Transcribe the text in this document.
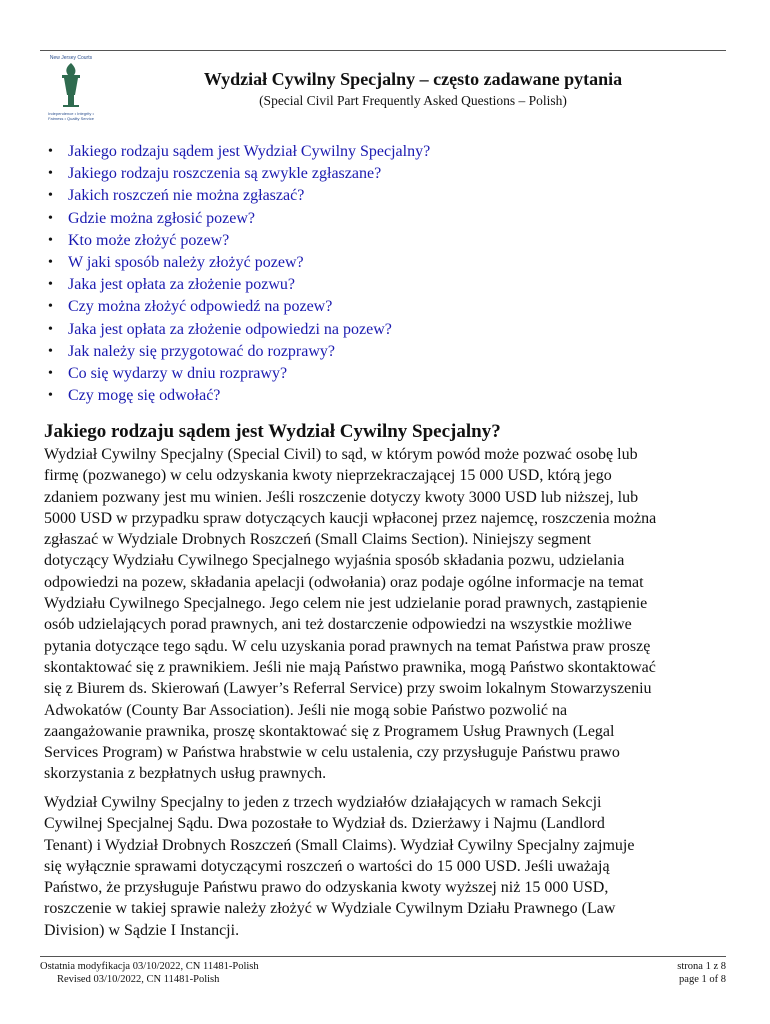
New Jersey Courts
Independence • Integrity • Fairness • Quality Service
Wydział Cywilny Specjalny – często zadawane pytania
(Special Civil Part Frequently Asked Questions – Polish)
• Jakiego rodzaju sądem jest Wydział Cywilny Specjalny?
• Jakiego rodzaju roszczenia są zwykle zgłaszane?
• Jakich roszczeń nie można zgłaszać?
• Gdzie można zgłosić pozew?
• Kto może złożyć pozew?
• W jaki sposób należy złożyć pozew?
• Jaka jest opłata za złożenie pozwu?
• Czy można złożyć odpowiedź na pozew?
• Jaka jest opłata za złożenie odpowiedzi na pozew?
• Jak należy się przygotować do rozprawy?
• Co się wydarzy w dniu rozprawy?
• Czy mogę się odwołać?
Jakiego rodzaju sądem jest Wydział Cywilny Specjalny?
Wydział Cywilny Specjalny (Special Civil) to sąd, w którym powód może pozwać osobę lub
firmę (pozwanego) w celu odzyskania kwoty nieprzekraczającej 15 000 USD, którą jego
zdaniem pozwany jest mu winien. Jeśli roszczenie dotyczy kwoty 3000 USD lub niższej, lub
5000 USD w przypadku spraw dotyczących kaucji wpłaconej przez najemcę, roszczenia można
zgłaszać w Wydziale Drobnych Roszczeń (Small Claims Section). Niniejszy segment
dotyczący Wydziału Cywilnego Specjalnego wyjaśnia sposób składania pozwu, udzielania
odpowiedzi na pozew, składania apelacji (odwołania) oraz podaje ogólne informacje na temat
Wydziału Cywilnego Specjalnego. Jego celem nie jest udzielanie porad prawnych, zastąpienie
osób udzielających porad prawnych, ani też dostarczenie odpowiedzi na wszystkie możliwe
pytania dotyczące tego sądu. W celu uzyskania porad prawnych na temat Państwa praw proszę
skontaktować się z prawnikiem. Jeśli nie mają Państwo prawnika, mogą Państwo skontaktować
się z Biurem ds. Skierowań (Lawyer’s Referral Service) przy swoim lokalnym Stowarzyszeniu
Adwokatów (County Bar Association). Jeśli nie mogą sobie Państwo pozwolić na
zaangażowanie prawnika, proszę skontaktować się z Programem Usług Prawnych (Legal
Services Program) w Państwa hrabstwie w celu ustalenia, czy przysługuje Państwu prawo
skorzystania z bezpłatnych usług prawnych.
Wydział Cywilny Specjalny to jeden z trzech wydziałów działających w ramach Sekcji
Cywilnej Specjalnej Sądu. Dwa pozostałe to Wydział ds. Dzierżawy i Najmu (Landlord
Tenant) i Wydział Drobnych Roszczeń (Small Claims). Wydział Cywilny Specjalny zajmuje
się wyłącznie sprawami dotyczącymi roszczeń o wartości do 15 000 USD. Jeśli uważają
Państwo, że przysługuje Państwu prawo do odzyskania kwoty wyższej niż 15 000 USD,
roszczenie w takiej sprawie należy złożyć w Wydziale Cywilnym Działu Prawnego (Law
Division) w Sądzie I Instancji.
Ostatnia modyfikacja 03/10/2022, CN 11481-Polish
Revised 03/10/2022, CN 11481-Polish
strona 1 z 8
page 1 of 8
